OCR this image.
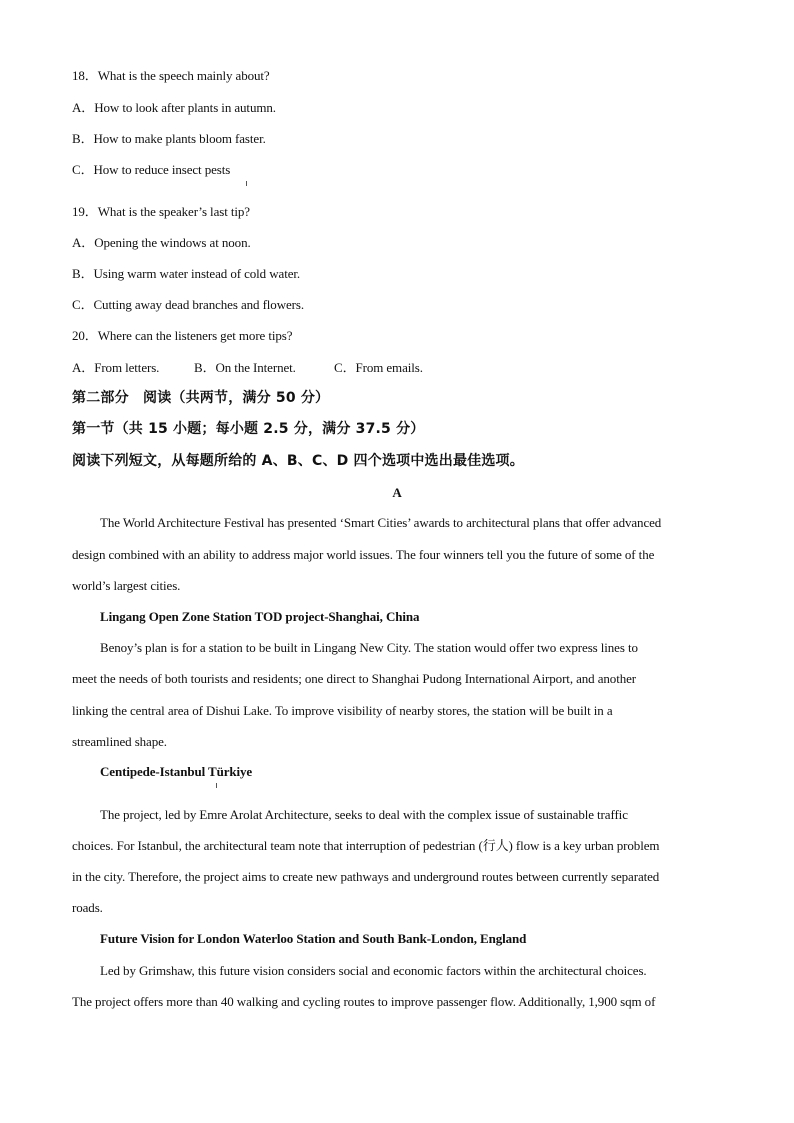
18．What is the speech mainly about?
A．How to look after plants in autumn.
B．How to make plants bloom faster.
C．How to reduce insect pests
19．What is the speaker’s last tip?
A．Opening the windows at noon.
B．Using warm water instead of cold water.
C．Cutting away dead branches and flowers.
20．Where can the listeners get more tips?
A．From letters.	B．On the Internet.	C．From emails.
第二部分　阅读（共两节，满分 50 分）
第一节（共 15 小题；每小题 2.5 分，满分 37.5 分）
阅读下列短文，从每题所给的 A、B、C、D 四个选项中选出最佳选项。
A
The World Architecture Festival has presented ‘Smart Cities’ awards to architectural plans that offer advanced
design combined with an ability to address major world issues. The four winners tell you the future of some of the
world’s largest cities.
Lingang Open Zone Station TOD project-Shanghai, China
Benoy’s plan is for a station to be built in Lingang New City. The station would offer two express lines to
meet the needs of both tourists and residents; one direct to Shanghai Pudong International Airport, and another
linking the central area of Dishui Lake. To improve visibility of nearby stores, the station will be built in a
streamlined shape.
Centipede-Istanbul Türkiye
The project, led by Emre Arolat Architecture, seeks to deal with the complex issue of sustainable traffic
choices. For Istanbul, the architectural team note that interruption of pedestrian (行人) flow is a key urban problem
in the city. Therefore, the project aims to create new pathways and underground routes between currently separated
roads.
Future Vision for London Waterloo Station and South Bank-London, England
Led by Grimshaw, this future vision considers social and economic factors within the architectural choices.
The project offers more than 40 walking and cycling routes to improve passenger flow. Additionally, 1,900 sqm of
